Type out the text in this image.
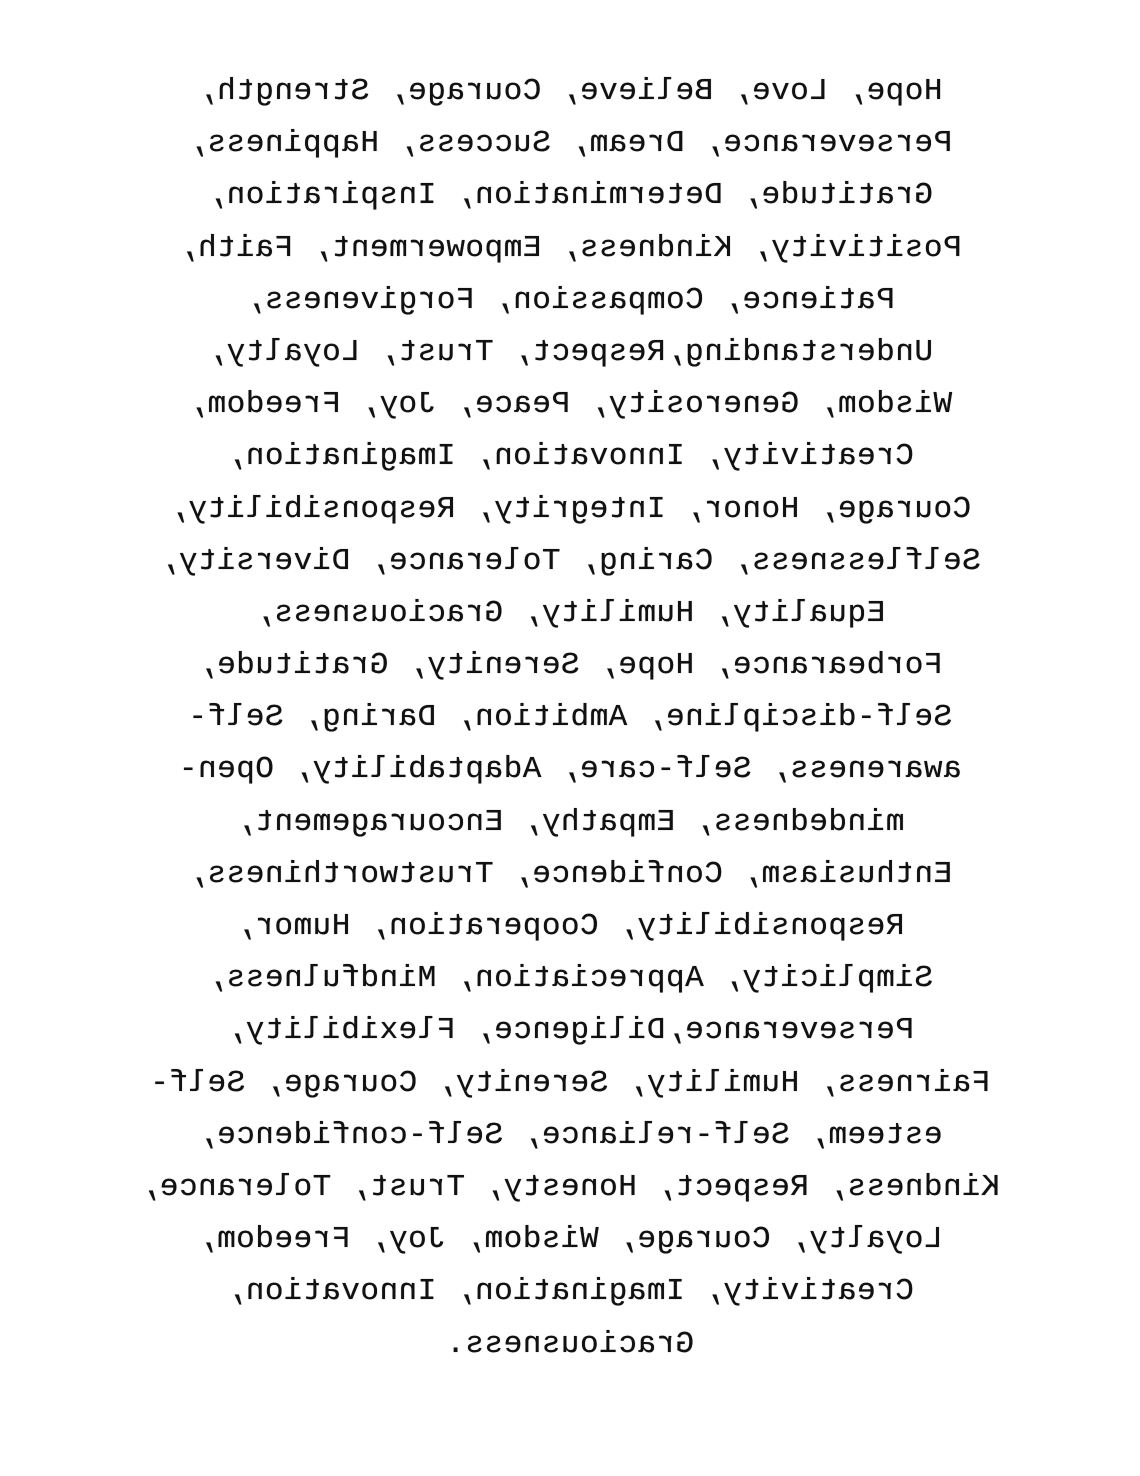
Hope, Love, Believe, Courage, Strength,
Perseverance, Dream, Success, Happiness,
Gratitude, Determination, Inspiration,
Positivity, Kindness, Empowerment, Faith,
Patience, Compassion, Forgiveness,
Understanding,Respect, Trust, Loyalty,
Wisdom, Generosity, Peace, Joy, Freedom,
Creativity, Innovation, Imagination,
Courage, Honor, Integrity, Responsibility,
Selflessness, Caring, Tolerance, Diversity,
Equality, Humility, Graciousness,
Forbearance, Hope, Serenity, Gratitude,
Self-discipline, Ambition, Daring, Self-
awareness, Self-care, Adaptability, Open-
mindedness, Empathy, Encouragement,
Enthusiasm, Confidence, Trustworthiness,
Responsibility, Cooperation, Humor,
Simplicity, Appreciation, Mindfulness,
Perseverance,Diligence, Flexibility,
Fairness, Humility, Serenity, Courage, Self-
esteem, Self-reliance, Self-confidence,
Kindness, Respect, Honesty, Trust, Tolerance,
Loyalty, Courage, Wisdom, Joy, Freedom,
Creativity, Imagination, Innovation,
Graciousness.
